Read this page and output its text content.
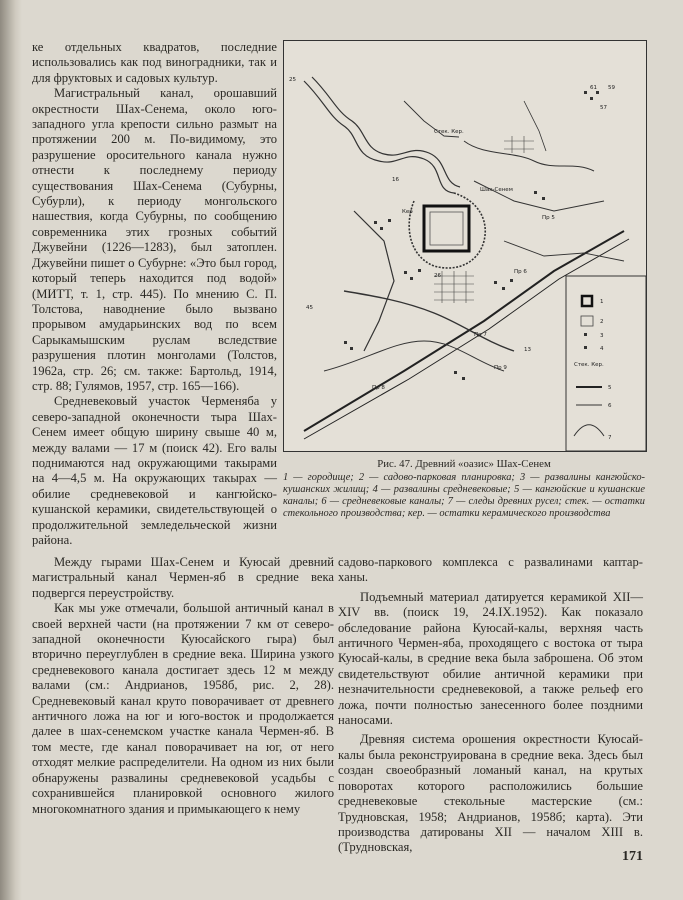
ке отдельных квадратов, последние использовались как под виноградники, так и для фруктовых и садовых культур.

Магистральный канал, орошавший окрестности Шах-Сенема, около юго-западного угла крепости сильно размыт на протяжении 200 м. По-видимому, это разрушение оросительного канала нужно отнести к последнему периоду существования Шах-Сенема (Субурны, Субурли), к периоду монгольского нашествия, когда Субурны, по сообщению современника этих грозных событий Джувейни (1226—1283), был затоплен. Джувейни пишет о Субурне: «Это был город, который теперь находится под водой» (МИТТ, т. 1, стр. 445). По мнению С. П. Толстова, наводнение было вызвано прорывом амударьинских вод по всем Сарыкамышским руслам вследствие разрушения плотин монголами (Толстов, 1962а, стр. 26; см. также: Бартольд, 1914, стр. 88; Гулямов, 1957, стр. 165—166).

Средневековый участок Черменяба у северо-западной оконечности тыра Шах-Сенем имеет общую ширину свыше 40 м, между валами — 17 м (поиск 42). Его валы поднимаются над окружающими такырами на 4—4,5 м. На окружающих такырах — обилие средневековой и кангюйско-кушанской керамики, свидетельствующей о продолжительной земледельческой жизни района.

Шах-Сенем
Кер
Стек. Кер.
Стек. Кер.
Пр 5
Пр 6
Пр 7
Пр 8
Пр 9
25
16
26
45
13
61 59
57
1
2
3
4
5
6
7
Рис. 47. Древний «оазис» Шах-Сенем
1 — городище; 2 — садово-парковая планировка; 3 — развалины кангюйско-кушанских жилищ; 4 — развалины средневековые; 5 — кангюйские и кушанские каналы; 6 — средневековые каналы; 7 — следы древних русел; стек. — остатки стекольного производства; кер. — остатки керамического производства

Между гырами Шах-Сенем и Куюсай древний магистральный канал Чермен-яб в средние века подвергся переустройству.

Как мы уже отмечали, большой античный канал в своей верхней части (на протяжении 7 км от северо-западной оконечности Куюсайского гыра) был вторично переуглублен в средние века. Ширина узкого средневекового канала достигает здесь 12 м между валами (см.: Андрианов, 1958б, рис. 2, 28). Средневековый канал круто поворачивает от древнего античного ложа на юг и юго-восток и продолжается далее в шах-сенемском участке канала Чермен-яб. В том месте, где канал поворачивает на юг, от него отходят мелкие распределители. На одном из них были обнаружены развалины средневековой усадьбы с сохранившейся планировкой основного жилого многокомнатного здания и примыкающего к нему

садово-паркового комплекса с развалинами каптар-ханы.

Подъемный материал датируется керамикой XII—XIV вв. (поиск 19, 24.IX.1952). Как показало обследование района Куюсай-калы, верхняя часть античного Чермен-яба, проходящего с востока от тыра Куюсай-калы, в средние века была заброшена. Об этом свидетельствуют обилие античной керамики при незначительности средневековой, а также рельеф его ложа, почти полностью занесенного более поздними наносами.

Древняя система орошения окрестности Куюсай-калы была реконструирована в средние века. Здесь был создан своеобразный ломаный канал, на крутых поворотах которого расположились большие средневековые стекольные мастерские (см.: Трудновская, 1958; Андрианов, 1958б; карта). Эти производства датированы XII — началом XIII в. (Трудновская,

171
